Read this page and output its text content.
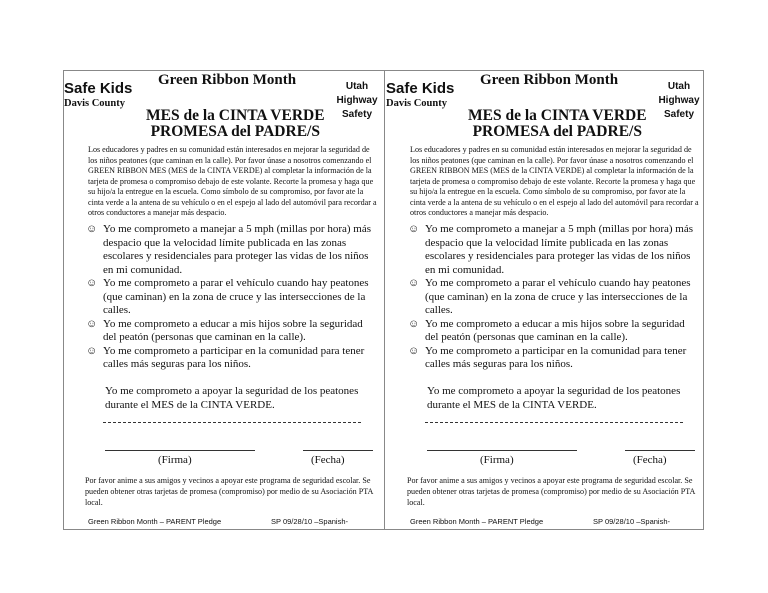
Safe Kids
Davis County
Green Ribbon Month	Utah
Highway
Safety
MES de la CINTA VERDE
PROMESA del PADRE/S
Los educadores y padres en su comunidad están interesados en mejorar la seguridad de los niños peatones (que caminan en la calle). Por favor únase a nosotros comenzando el GREEN RIBBON MES (MES de la CINTA VERDE) al completar la información de la tarjeta de promesa o compromiso debajo de este volante. Recorte la promesa y haga que su hijo/a la entregue en la escuela. Como símbolo de su compromiso, por favor ate la cinta verde a la antena de su vehículo o en el espejo al lado del automóvil para recordar a otros conductores a manejar más despacio.
☺ Yo me comprometo a manejar a 5 mph (millas por hora) más despacio que la velocidad límite publicada en las zonas escolares y residenciales para proteger las vidas de los niños en mi comunidad.
☺ Yo me comprometo a parar el vehículo cuando hay peatones (que caminan) en la zona de cruce y las intersecciones de la calles.
☺ Yo me comprometo a educar a mis hijos sobre la seguridad del peatón (personas que caminan en la calle).
☺ Yo me comprometo a participar en la comunidad para tener calles más seguras para los niños.
Yo me comprometo a apoyar la seguridad de los peatones durante el MES de la CINTA VERDE.
(Firma)	(Fecha)
Por favor anime a sus amigos y vecinos a apoyar este programa de seguridad escolar. Se pueden obtener otras tarjetas de promesa (compromiso) por medio de su Asociación PTA local.
Green Ribbon Month – PARENT Pledge	SP 09/28/10 –Spanish-
Safe Kids
Davis County
Green Ribbon Month	Utah
Highway
Safety
MES de la CINTA VERDE
PROMESA del PADRE/S
Los educadores y padres en su comunidad están interesados en mejorar la seguridad de los niños peatones (que caminan en la calle). Por favor únase a nosotros comenzando el GREEN RIBBON MES (MES de la CINTA VERDE) al completar la información de la tarjeta de promesa o compromiso debajo de este volante. Recorte la promesa y haga que su hijo/a la entregue en la escuela. Como símbolo de su compromiso, por favor ate la cinta verde a la antena de su vehículo o en el espejo al lado del automóvil para recordar a otros conductores a manejar más despacio.
☺ Yo me comprometo a manejar a 5 mph (millas por hora) más despacio que la velocidad límite publicada en las zonas escolares y residenciales para proteger las vidas de los niños en mi comunidad.
☺ Yo me comprometo a parar el vehículo cuando hay peatones (que caminan) en la zona de cruce y las intersecciones de la calles.
☺ Yo me comprometo a educar a mis hijos sobre la seguridad del peatón (personas que caminan en la calle).
☺ Yo me comprometo a participar en la comunidad para tener calles más seguras para los niños.
Yo me comprometo a apoyar la seguridad de los peatones durante el MES de la CINTA VERDE.
(Firma)	(Fecha)
Por favor anime a sus amigos y vecinos a apoyar este programa de seguridad escolar. Se pueden obtener otras tarjetas de promesa (compromiso) por medio de su Asociación PTA local.
Green Ribbon Month – PARENT Pledge	SP 09/28/10 –Spanish-
